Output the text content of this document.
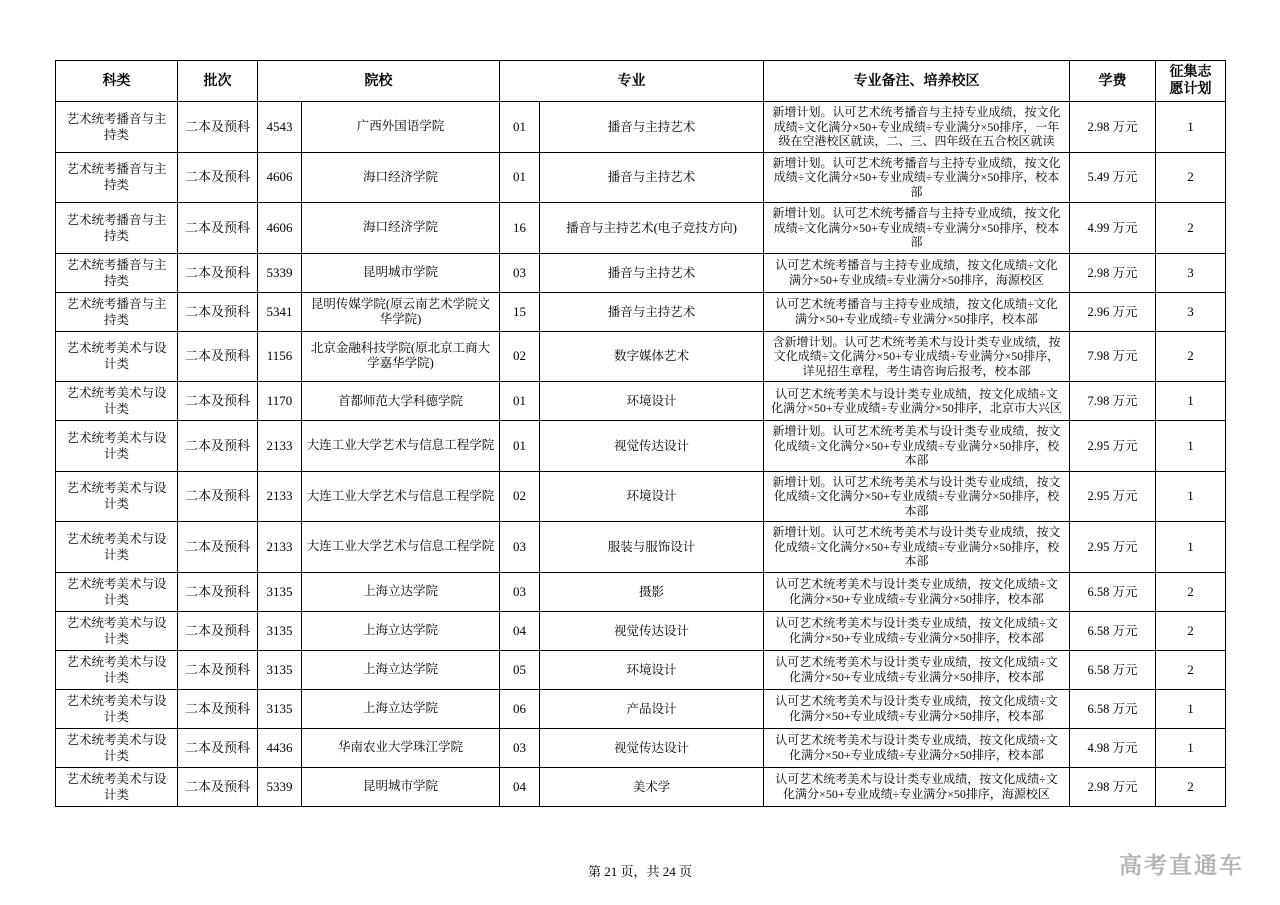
科类	批次	院校		专业		专业备注、培养校区	学费	征集志愿计划
艺术统考播音与主持类	二本及预科	4543	广西外国语学院	01	播音与主持艺术	新增计划。认可艺术统考播音与主持专业成绩，按文化成绩÷文化满分×50+专业成绩÷专业满分×50排序，一年级在空港校区就读，二、三、四年级在五合校区就读	2.98 万元	1
艺术统考播音与主持类	二本及预科	4606	海口经济学院	01	播音与主持艺术	新增计划。认可艺术统考播音与主持专业成绩，按文化成绩÷文化满分×50+专业成绩÷专业满分×50排序，校本部	5.49 万元	2
艺术统考播音与主持类	二本及预科	4606	海口经济学院	16	播音与主持艺术(电子竞技方向)	新增计划。认可艺术统考播音与主持专业成绩，按文化成绩÷文化满分×50+专业成绩÷专业满分×50排序，校本部	4.99 万元	2
艺术统考播音与主持类	二本及预科	5339	昆明城市学院	03	播音与主持艺术	认可艺术统考播音与主持专业成绩，按文化成绩÷文化满分×50+专业成绩÷专业满分×50排序，海源校区	2.98 万元	3
艺术统考播音与主持类	二本及预科	5341	昆明传媒学院(原云南艺术学院文华学院)	15	播音与主持艺术	认可艺术统考播音与主持专业成绩，按文化成绩÷文化满分×50+专业成绩÷专业满分×50排序，校本部	2.96 万元	3
艺术统考美术与设计类	二本及预科	1156	北京金融科技学院(原北京工商大学嘉华学院)	02	数字媒体艺术	含新增计划。认可艺术统考美术与设计类专业成绩，按文化成绩÷文化满分×50+专业成绩÷专业满分×50排序，详见招生章程，考生请咨询后报考，校本部	7.98 万元	2
艺术统考美术与设计类	二本及预科	1170	首都师范大学科德学院	01	环境设计	认可艺术统考美术与设计类专业成绩，按文化成绩÷文化满分×50+专业成绩÷专业满分×50排序，北京市大兴区	7.98 万元	1
艺术统考美术与设计类	二本及预科	2133	大连工业大学艺术与信息工程学院	01	视觉传达设计	新增计划。认可艺术统考美术与设计类专业成绩，按文化成绩÷文化满分×50+专业成绩÷专业满分×50排序，校本部	2.95 万元	1
艺术统考美术与设计类	二本及预科	2133	大连工业大学艺术与信息工程学院	02	环境设计	新增计划。认可艺术统考美术与设计类专业成绩，按文化成绩÷文化满分×50+专业成绩÷专业满分×50排序，校本部	2.95 万元	1
艺术统考美术与设计类	二本及预科	2133	大连工业大学艺术与信息工程学院	03	服装与服饰设计	新增计划。认可艺术统考美术与设计类专业成绩，按文化成绩÷文化满分×50+专业成绩÷专业满分×50排序，校本部	2.95 万元	1
艺术统考美术与设计类	二本及预科	3135	上海立达学院	03	摄影	认可艺术统考美术与设计类专业成绩，按文化成绩÷文化满分×50+专业成绩÷专业满分×50排序，校本部	6.58 万元	2
艺术统考美术与设计类	二本及预科	3135	上海立达学院	04	视觉传达设计	认可艺术统考美术与设计类专业成绩，按文化成绩÷文化满分×50+专业成绩÷专业满分×50排序，校本部	6.58 万元	2
艺术统考美术与设计类	二本及预科	3135	上海立达学院	05	环境设计	认可艺术统考美术与设计类专业成绩，按文化成绩÷文化满分×50+专业成绩÷专业满分×50排序，校本部	6.58 万元	2
艺术统考美术与设计类	二本及预科	3135	上海立达学院	06	产品设计	认可艺术统考美术与设计类专业成绩，按文化成绩÷文化满分×50+专业成绩÷专业满分×50排序，校本部	6.58 万元	1
艺术统考美术与设计类	二本及预科	4436	华南农业大学珠江学院	03	视觉传达设计	认可艺术统考美术与设计类专业成绩，按文化成绩÷文化满分×50+专业成绩÷专业满分×50排序，校本部	4.98 万元	1
艺术统考美术与设计类	二本及预科	5339	昆明城市学院	04	美术学	认可艺术统考美术与设计类专业成绩，按文化成绩÷文化满分×50+专业成绩÷专业满分×50排序，海源校区	2.98 万元	2
第 21 页，共 24 页	高考直通车
